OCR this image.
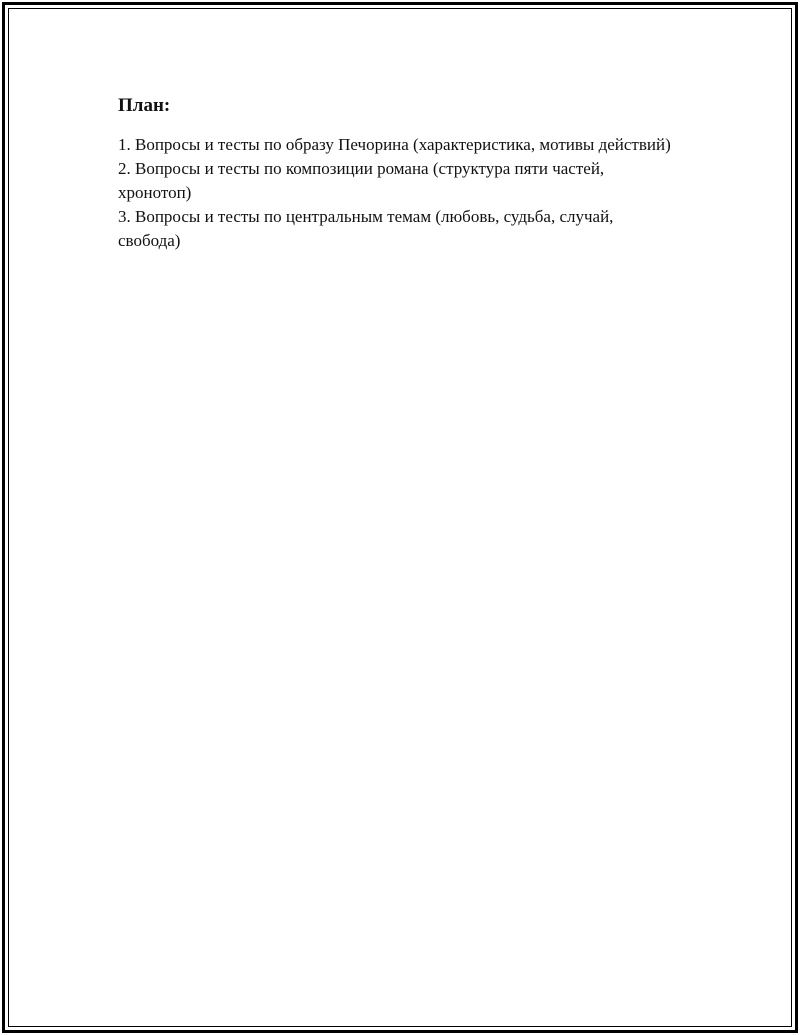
План:
1. Вопросы и тесты по образу Печорина (характеристика, мотивы действий)
2. Вопросы и тесты по композиции романа (структура пяти частей, хронотоп)
3. Вопросы и тесты по центральным темам (любовь, судьба, случай, свобода)
